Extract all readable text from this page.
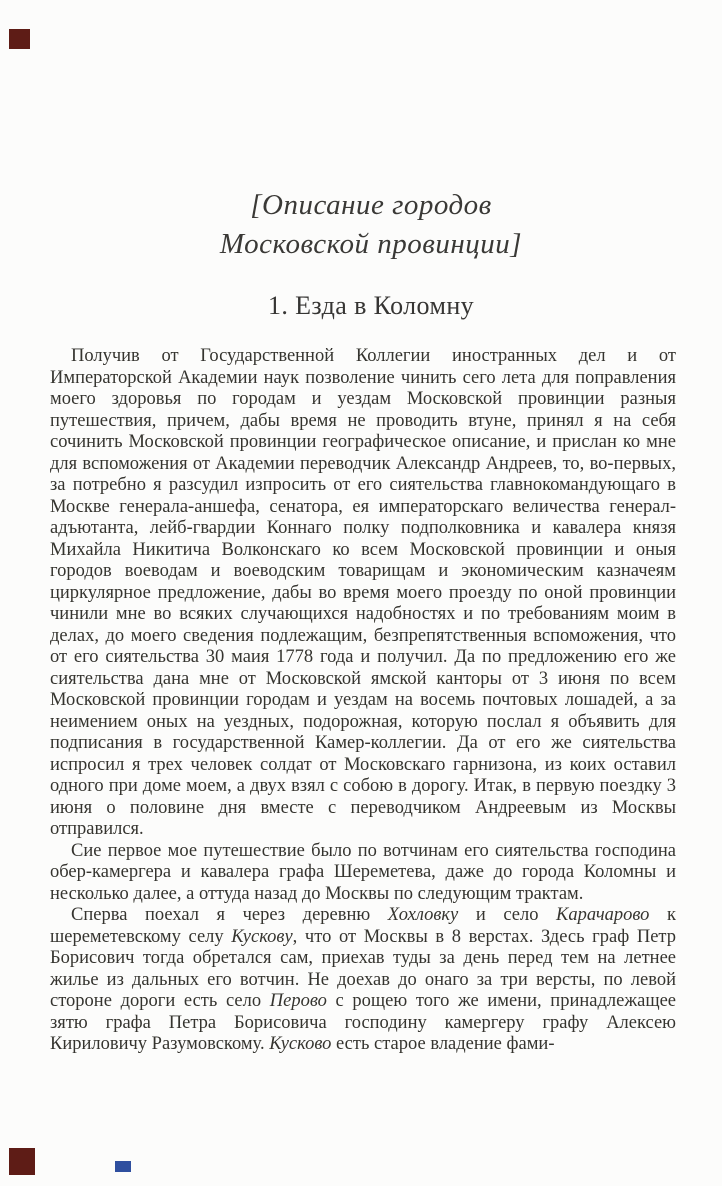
[Описание городов
Московской провинции]
1. Езда в Коломну

Получив от Государственной Коллегии иностранных дел и от Императорской Академии наук позволение чинить сего лета для поправления моего здоровья по городам и уездам Московской провинции разныя путешествия, причем, дабы время не проводить втуне, принял я на себя сочинить Московской провинции географическое описание, и прислан ко мне для вспоможения от Академии переводчик Александр Андреев, то, во-первых, за потребно я разсудил изпросить от его сиятельства главнокомандующаго в Москве генерала-аншефа, сенатора, ея императорскаго величества генерал-адъютанта, лейб-гвардии Коннаго полку подполковника и кавалера князя Михайла Никитича Волконскаго ко всем Московской провинции и оныя городов воеводам и воеводским товарищам и экономическим казначеям циркулярное предложение, дабы во время моего проезду по оной провинции чинили мне во всяких случающихся надобностях и по требованиям моим в делах, до моего сведения подлежащим, безпрепятственныя вспоможения, что от его сиятельства 30 маия 1778 года и получил. Да по предложению его же сиятельства дана мне от Московской ямской канторы от 3 июня по всем Московской провинции городам и уездам на восемь почтовых лошадей, а за неимением оных на уездных, подорожная, которую послал я объявить для подписания в государственной Камер-коллегии. Да от его же сиятельства испросил я трех человек солдат от Московскаго гарнизона, из коих оставил одного при доме моем, а двух взял с собою в дорогу. Итак, в первую поездку 3 июня о половине дня вместе с переводчиком Андреевым из Москвы отправился.

Сие первое мое путешествие было по вотчинам его сиятельства господина обер-камергера и кавалера графа Шереметева, даже до города Коломны и несколько далее, а оттуда назад до Москвы по следующим трактам.

Сперва поехал я через деревню Хохловку и село Карачарово к шереметевскому селу Кускову, что от Москвы в 8 верстах. Здесь граф Петр Борисович тогда обретался сам, приехав туды за день перед тем на летнее жилье из дальных его вотчин. Не доехав до онаго за три версты, по левой стороне дороги есть село Перово с рощею того же имени, принадлежащее зятю графа Петра Борисовича господину камергеру графу Алексею Кириловичу Разумовскому. Кусково есть старое владение фами-
